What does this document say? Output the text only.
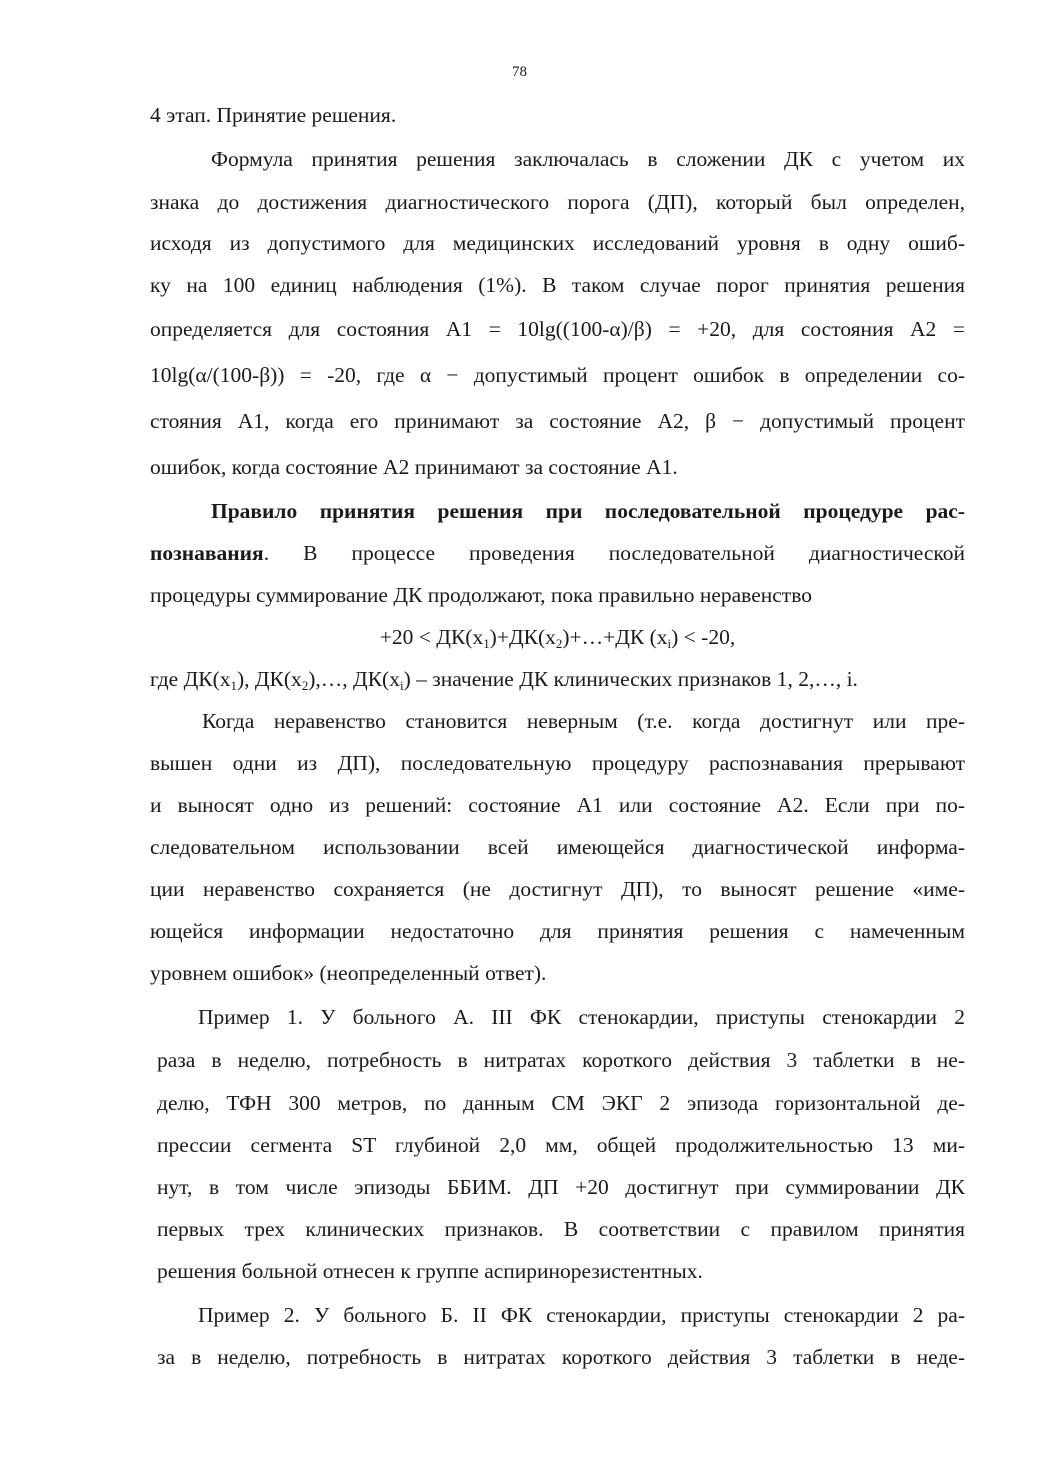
78
4 этап. Принятие решения.
Формула принятия решения заключалась в сложении ДК с учетом их
знака до достижения диагностического порога (ДП), который был определен,
исходя из допустимого для медицинских исследований уровня в одну ошиб-
ку на 100 единиц наблюдения (1%). В таком случае порог принятия решения
определяется для состояния А1 = 10lg((100-α)/β) = +20, для состояния А2 =
10lg(α/(100-β)) = -20, где α − допустимый процент ошибок в определении со-
стояния А1, когда его принимают за состояние А2, β − допустимый процент
ошибок, когда состояние А2 принимают за состояние А1.
Правило принятия решения при последовательной процедуре рас-
познавания. В процессе проведения последовательной диагностической
процедуры суммирование ДК продолжают, пока правильно неравенство
$+20 < ДК(x_1)+ДК(x_2)+\dots+ДК$ $(x_i) < -20$,
где $ДК(x_1)$, $ДК(x_2),\dots$, $ДК(x_i)$ – значение ДК клинических признаков 1, 2,…, i.
Когда неравенство становится неверным (т.е. когда достигнут или пре-
вышен одни из ДП), последовательную процедуру распознавания прерывают
и выносят одно из решений: состояние А1 или состояние А2. Если при по-
следовательном использовании всей имеющейся диагностической информа-
ции неравенство сохраняется (не достигнут ДП), то выносят решение «име-
ющейся информации недостаточно для принятия решения с намеченным
уровнем ошибок» (неопределенный ответ).
Пример 1. У больного А. III ФК стенокардии, приступы стенокардии 2
раза в неделю, потребность в нитратах короткого действия 3 таблетки в не-
делю, ТФН 300 метров, по данным СМ ЭКГ 2 эпизода горизонтальной де-
прессии сегмента ST глубиной 2,0 мм, общей продолжительностью 13 ми-
нут, в том числе эпизоды ББИМ. ДП +20 достигнут при суммировании ДК
первых трех клинических признаков. В соответствии с правилом принятия
решения больной отнесен к группе аспиринорезистентных.
Пример 2. У больного Б. II ФК стенокардии, приступы стенокардии 2 ра-
за в неделю, потребность в нитратах короткого действия 3 таблетки в неде-
